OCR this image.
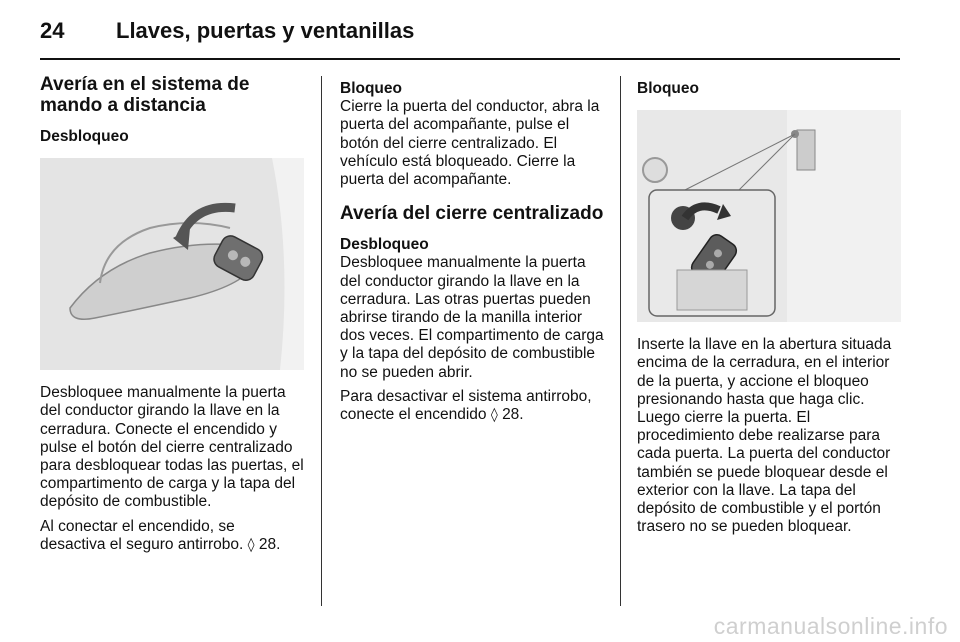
24 Llaves, puertas y ventanillas
Avería en el sistema de mando a distancia
Desbloqueo

Desbloquee manualmente la puerta del conductor girando la llave en la cerradura. Conecte el encendido y pulse el botón del cierre centralizado para desbloquear todas las puertas, el compartimento de carga y la tapa del depósito de combustible.

Al conectar el encendido, se desactiva el seguro antirrobo. ◊ 28.

Bloqueo

Cierre la puerta del conductor, abra la puerta del acompañante, pulse el botón del cierre centralizado. El vehículo está bloqueado. Cierre la puerta del acompañante.

Avería del cierre centralizado
Desbloqueo

Desbloquee manualmente la puerta del conductor girando la llave en la cerradura. Las otras puertas pueden abrirse tirando de la manilla interior dos veces. El compartimento de carga y la tapa del depósito de combustible no se pueden abrir.

Para desactivar el sistema antirrobo, conecte el encendido ◊ 28.

Bloqueo

Inserte la llave en la abertura situada encima de la cerradura, en el interior de la puerta, y accione el bloqueo presionando hasta que haga clic. Luego cierre la puerta. El procedimiento debe realizarse para cada puerta. La puerta del conductor también se puede bloquear desde el exterior con la llave. La tapa del depósito de combustible y el portón trasero no se pueden bloquear.

carmanualsonline.info
